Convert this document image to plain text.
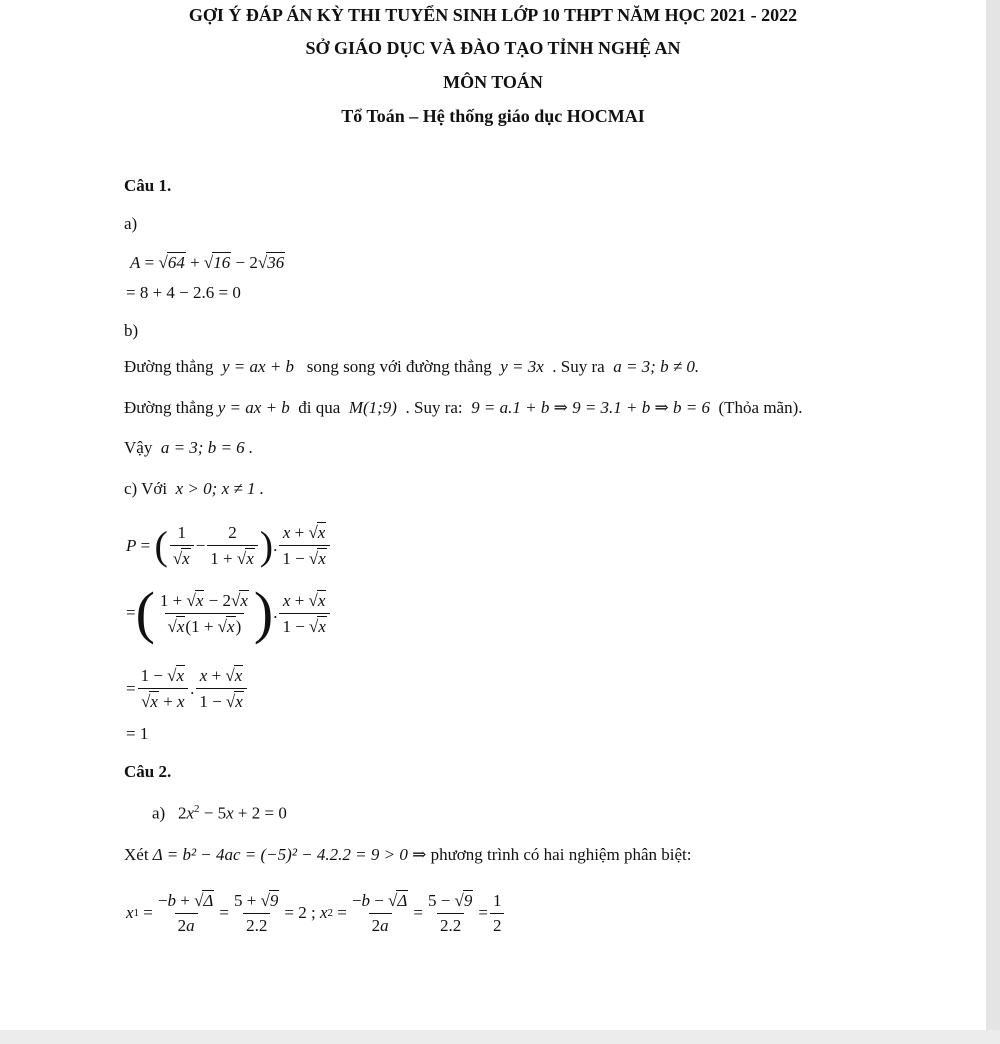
GỢI Ý ĐÁP ÁN KỲ THI TUYỂN SINH LỚP 10 THPT NĂM HỌC 2021 - 2022
SỞ GIÁO DỤC VÀ ĐÀO TẠO TỈNH NGHỆ AN
MÔN TOÁN
Tổ Toán – Hệ thống giáo dục HOCMAI
Câu 1.
a)
A = √64 + √16 − 2√36
= 8 + 4 − 2.6 = 0
b)
Đường thẳng y = ax + b song song với đường thẳng y = 3x . Suy ra a = 3; b ≠ 0.
Đường thẳng y = ax + b đi qua M(1;9) . Suy ra: 9 = a.1 + b ⇒ 9 = 3.1 + b ⇒ b = 6 (Thỏa mãn).
Vậy a = 3; b = 6 .
c) Với x > 0; x ≠ 1 .
P = ( $\frac{1}{√x} - \frac{2}{1 + √x}$ ) . $\frac{x + √x}{1 - √x}$
= ( $\frac{1 + √x - 2√x}{√x(1 + √x)}$ ) . $\frac{x + √x}{1 - √x}$
= $\frac{1 - √x}{√x + x}$ . $\frac{x + √x}{1 - √x}$
= 1
Câu 2.
a)   $2x^2 - 5x + 2 = 0$
Xét Δ = b² − 4ac = (−5)² − 4.2.2 = 9 > 0 ⇒ phương trình có hai nghiệm phân biệt:
x $1 = \frac{-b + √\Delta}{2a} = \frac{5 + √9}{2.2} = 2$ ; x $2 = \frac{-b - √\Delta}{2a} = \frac{5 - √9}{2.2} = \frac{1}{2}$
